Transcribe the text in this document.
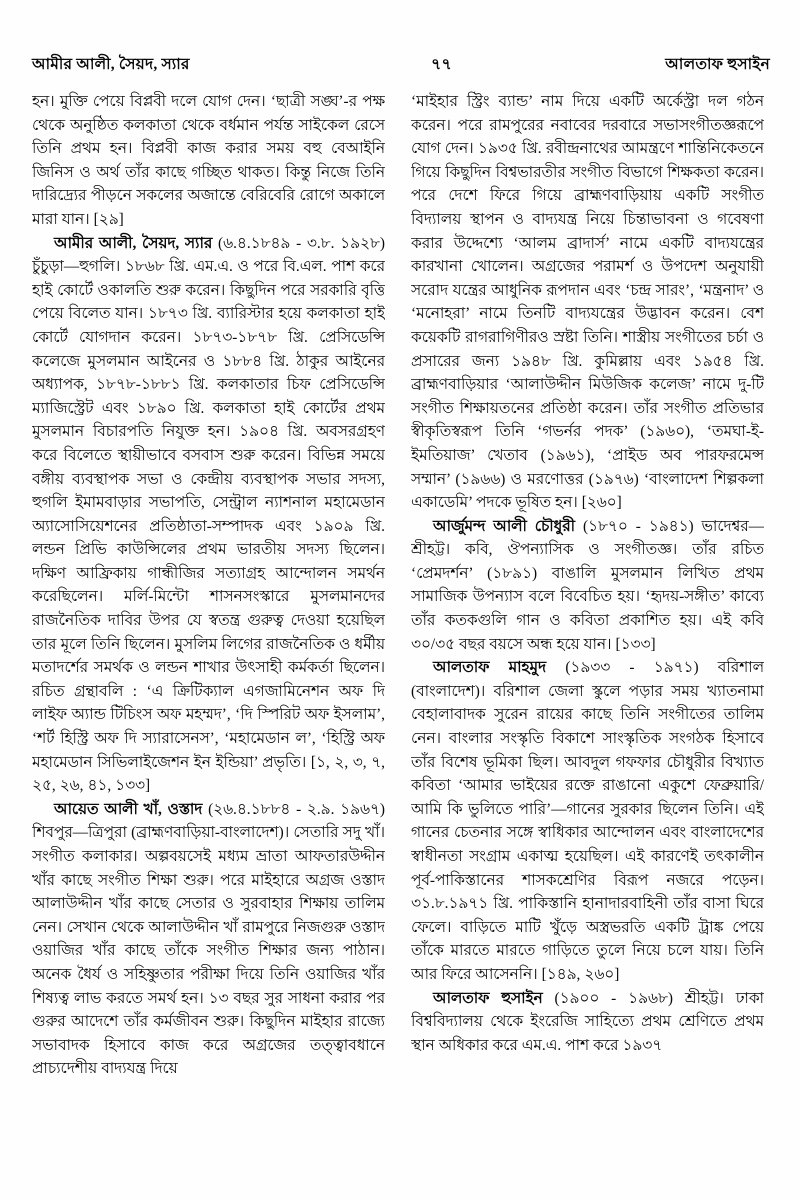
আমীর আলী, সৈয়দ, স্যার	৭৭	আলতাফ হুসাইন

হন। মুক্তি পেয়ে বিপ্লবী দলে যোগ দেন। ‘ছাত্রী সঙ্ঘ’-র পক্ষ থেকে অনুষ্ঠিত কলকাতা থেকে বর্ধমান পর্যন্ত সাইকেল রেসে তিনি প্রথম হন। বিপ্লবী কাজ করার সময় বহু বেআইনি জিনিস ও অর্থ তাঁর কাছে গচ্ছিত থাকত। কিন্তু নিজে তিনি দারিদ্র্যের পীড়নে সকলের অজান্তে বেরিবেরি রোগে অকালে মারা যান। [২৯]

আমীর আলী, সৈয়দ, স্যার (৬.৪.১৮৪৯ - ৩.৮. ১৯২৮) চুঁচুড়া—হুগলি। ১৮৬৮ খ্রি. এম.এ. ও পরে বি.এল. পাশ করে হাই কোর্টে ওকালতি শুরু করেন। কিছুদিন পরে সরকারি বৃত্তি পেয়ে বিলেত যান। ১৮৭৩ খ্রি. ব্যারিস্টার হয়ে কলকাতা হাই কোর্টে যোগদান করেন। ১৮৭৩-১৮৭৮ খ্রি. প্রেসিডেন্সি কলেজে মুসলমান আইনের ও ১৮৮৪ খ্রি. ঠাকুর আইনের অধ্যাপক, ১৮৭৮-১৮৮১ খ্রি. কলকাতার চিফ প্রেসিডেন্সি ম্যাজিস্ট্রেট এবং ১৮৯০ খ্রি. কলকাতা হাই কোর্টের প্রথম মুসলমান বিচারপতি নিযুক্ত হন। ১৯০৪ খ্রি. অবসরগ্রহণ করে বিলেতে স্থায়ীভাবে বসবাস শুরু করেন। বিভিন্ন সময়ে বঙ্গীয় ব্যবস্থাপক সভা ও কেন্দ্রীয় ব্যবস্থাপক সভার সদস্য, হুগলি ইমামবাড়ার সভাপতি, সেন্ট্রাল ন্যাশনাল মহামেডান অ্যাসোসিয়েশনের প্রতিষ্ঠাতা-সম্পাদক এবং ১৯০৯ খ্রি. লন্ডন প্রিভি কাউন্সিলের প্রথম ভারতীয় সদস্য ছিলেন। দক্ষিণ আফ্রিকায় গান্ধীজির সত্যাগ্রহ আন্দোলন সমর্থন করেছিলেন। মর্লি-মিন্টো শাসনসংস্কারে মুসলমানদের রাজনৈতিক দাবির উপর যে স্বতন্ত্র গুরুত্ব দেওয়া হয়েছিল তার মূলে তিনি ছিলেন। মুসলিম লিগের রাজনৈতিক ও ধর্মীয় মতাদর্শের সমর্থক ও লন্ডন শাখার উৎসাহী কর্মকর্তা ছিলেন। রচিত গ্রন্থাবলি : ‘এ ক্রিটিক্যাল এগজামিনেশন অফ দি লাইফ অ্যান্ড টিচিংস অফ মহম্মদ’, ‘দি স্পিরিট অফ ইসলাম’, ‘শর্ট হিস্ট্রি অফ দি স্যারাসেনস’, ‘মহামেডান ল’, ‘হিস্ট্রি অফ মহামেডান সিভিলাইজেশন ইন ইন্ডিয়া’ প্রভৃতি। [১, ২, ৩, ৭, ২৫, ২৬, ৪১, ১৩৩]

আয়েত আলী খাঁ, ওস্তাদ (২৬.৪.১৮৮৪ - ২.৯. ১৯৬৭) শিবপুর—ত্রিপুরা (ব্রাহ্মণবাড়িয়া-বাংলাদেশ)। সেতারি সদু খাঁ। সংগীত কলাকার। অল্পবয়সেই মধ্যম ভ্রাতা আফতারউদ্দীন খাঁর কাছে সংগীত শিক্ষা শুরু। পরে মাইহারে অগ্রজ ওস্তাদ আলাউদ্দীন খাঁর কাছে সেতার ও সুরবাহার শিক্ষায় তালিম নেন। সেখান থেকে আলাউদ্দীন খাঁ রামপুরে নিজগুরু ওস্তাদ ওয়াজির খাঁর কাছে তাঁকে সংগীত শিক্ষার জন্য পাঠান। অনেক ধৈর্য ও সহিষ্ণুতার পরীক্ষা দিয়ে তিনি ওয়াজির খাঁর শিষ্যত্ব লাভ করতে সমর্থ হন। ১৩ বছর সুর সাধনা করার পর গুরুর আদেশে তাঁর কর্মজীবন শুরু। কিছুদিন মাইহার রাজ্যে সভাবাদক হিসাবে কাজ করে অগ্রজের তত্ত্বাবধানে প্রাচ্যদেশীয় বাদ্যযন্ত্র দিয়ে

‘মাইহার স্ট্রিং ব্যান্ড’ নাম দিয়ে একটি অর্কেস্ট্রা দল গঠন করেন। পরে রামপুরের নবাবের দরবারে সভাসংগীতজ্ঞরূপে যোগ দেন। ১৯৩৫ খ্রি. রবীন্দ্রনাথের আমন্ত্রণে শান্তিনিকেতনে গিয়ে কিছুদিন বিশ্বভারতীর সংগীত বিভাগে শিক্ষকতা করেন। পরে দেশে ফিরে গিয়ে ব্রাহ্মণবাড়িয়ায় একটি সংগীত বিদ্যালয় স্থাপন ও বাদ্যযন্ত্র নিয়ে চিন্তাভাবনা ও গবেষণা করার উদ্দেশ্যে ‘আলম ব্রাদার্স’ নামে একটি বাদ্যযন্ত্রের কারখানা খোলেন। অগ্রজের পরামর্শ ও উপদেশ অনুযায়ী সরোদ যন্ত্রের আধুনিক রূপদান এবং ‘চন্দ্র সারং’, ‘মন্ত্রনাদ’ ও ‘মনোহরা’ নামে তিনটি বাদ্যযন্ত্রের উদ্ভাবন করেন। বেশ কয়েকটি রাগরাগিণীরও স্রষ্টা তিনি। শাস্ত্রীয় সংগীতের চর্চা ও প্রসারের জন্য ১৯৪৮ খ্রি. কুমিল্লায় এবং ১৯৫৪ খ্রি. ব্রাহ্মণবাড়িয়ার ‘আলাউদ্দীন মিউজিক কলেজ’ নামে দু-টি সংগীত শিক্ষায়তনের প্রতিষ্ঠা করেন। তাঁর সংগীত প্রতিভার স্বীকৃতিস্বরূপ তিনি ‘গভর্নর পদক’ (১৯৬০), ‘তমঘা-ই-ইমতিয়াজ’ খেতাব (১৯৬১), ‘প্রাইড অব পারফরমেন্স সম্মান’ (১৯৬৬) ও মরণোত্তর (১৯৭৬) ‘বাংলাদেশ শিল্পকলা একাডেমি’ পদকে ভূষিত হন। [২৬০]

আর্জুমন্দ আলী চৌধুরী (১৮৭০ - ১৯৪১) ভাদেশ্বর—শ্রীহট্ট। কবি, ঔপন্যাসিক ও সংগীতজ্ঞ। তাঁর রচিত ‘প্রেমদর্শন’ (১৮৯১) বাঙালি মুসলমান লিখিত প্রথম সামাজিক উপন্যাস বলে বিবেচিত হয়। ‘হৃদয়-সঙ্গীত’ কাব্যে তাঁর কতকগুলি গান ও কবিতা প্রকাশিত হয়। এই কবি ৩০/৩৫ বছর বয়সে অন্ধ হয়ে যান। [১৩৩]

আলতাফ মাহমুদ (১৯৩৩ - ১৯৭১) বরিশাল (বাংলাদেশ)। বরিশাল জেলা স্কুলে পড়ার সময় খ্যাতনামা বেহালাবাদক সুরেন রায়ের কাছে তিনি সংগীতের তালিম নেন। বাংলার সংস্কৃতি বিকাশে সাংস্কৃতিক সংগঠক হিসাবে তাঁর বিশেষ ভূমিকা ছিল। আবদুল গফফার চৌধুরীর বিখ্যাত কবিতা ‘আমার ভাইয়ের রক্তে রাঙানো একুশে ফেব্রুয়ারি/আমি কি ভুলিতে পারি’—গানের সুরকার ছিলেন তিনি। এই গানের চেতনার সঙ্গে স্বাধিকার আন্দোলন এবং বাংলাদেশের স্বাধীনতা সংগ্রাম একাত্ম হয়েছিল। এই কারণেই তৎকালীন পূর্ব-পাকিস্তানের শাসকশ্রেণির বিরূপ নজরে পড়েন। ৩১.৮.১৯৭১ খ্রি. পাকিস্তানি হানাদারবাহিনী তাঁর বাসা ঘিরে ফেলে। বাড়িতে মাটি খুঁড়ে অস্ত্রভরতি একটি ট্রাঙ্ক পেয়ে তাঁকে মারতে মারতে গাড়িতে তুলে নিয়ে চলে যায়। তিনি আর ফিরে আসেননি। [১৪৯, ২৬০]

আলতাফ হুসাইন (১৯০০ - ১৯৬৮) শ্রীহট্ট। ঢাকা বিশ্ববিদ্যালয় থেকে ইংরেজি সাহিত্যে প্রথম শ্রেণিতে প্রথম স্থান অধিকার করে এম.এ. পাশ করে ১৯৩৭
